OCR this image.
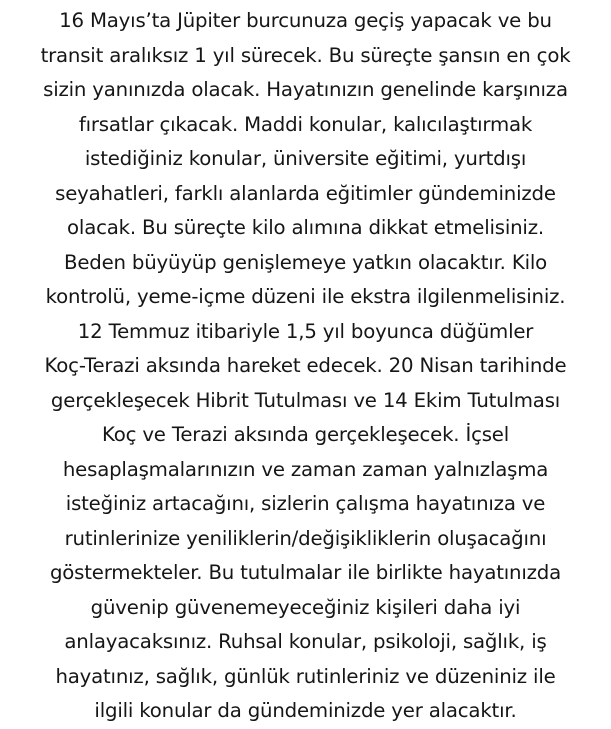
16 Mayıs’ta Jüpiter burcunuza geçiş yapacak ve bu
transit aralıksız 1 yıl sürecek. Bu süreçte şansın en çok
sizin yanınızda olacak. Hayatınızın genelinde karşınıza
fırsatlar çıkacak. Maddi konular, kalıcılaştırmak
istediğiniz konular, üniversite eğitimi, yurtdışı
seyahatleri, farklı alanlarda eğitimler gündeminizde
olacak. Bu süreçte kilo alımına dikkat etmelisiniz.
Beden büyüyüp genişlemeye yatkın olacaktır. Kilo
kontrolü, yeme-içme düzeni ile ekstra ilgilenmelisiniz.
12 Temmuz itibariyle 1,5 yıl boyunca düğümler
Koç-Terazi aksında hareket edecek. 20 Nisan tarihinde
gerçekleşecek Hibrit Tutulması ve 14 Ekim Tutulması
Koç ve Terazi aksında gerçekleşecek. İçsel
hesaplaşmalarınızın ve zaman zaman yalnızlaşma
isteğiniz artacağını, sizlerin çalışma hayatınıza ve
rutinlerinize yeniliklerin/değişikliklerin oluşacağını
göstermekteler. Bu tutulmalar ile birlikte hayatınızda
güvenip güvenemeyeceğiniz kişileri daha iyi
anlayacaksınız. Ruhsal konular, psikoloji, sağlık, iş
hayatınız, sağlık, günlük rutinleriniz ve düzeniniz ile
ilgili konular da gündeminizde yer alacaktır.
